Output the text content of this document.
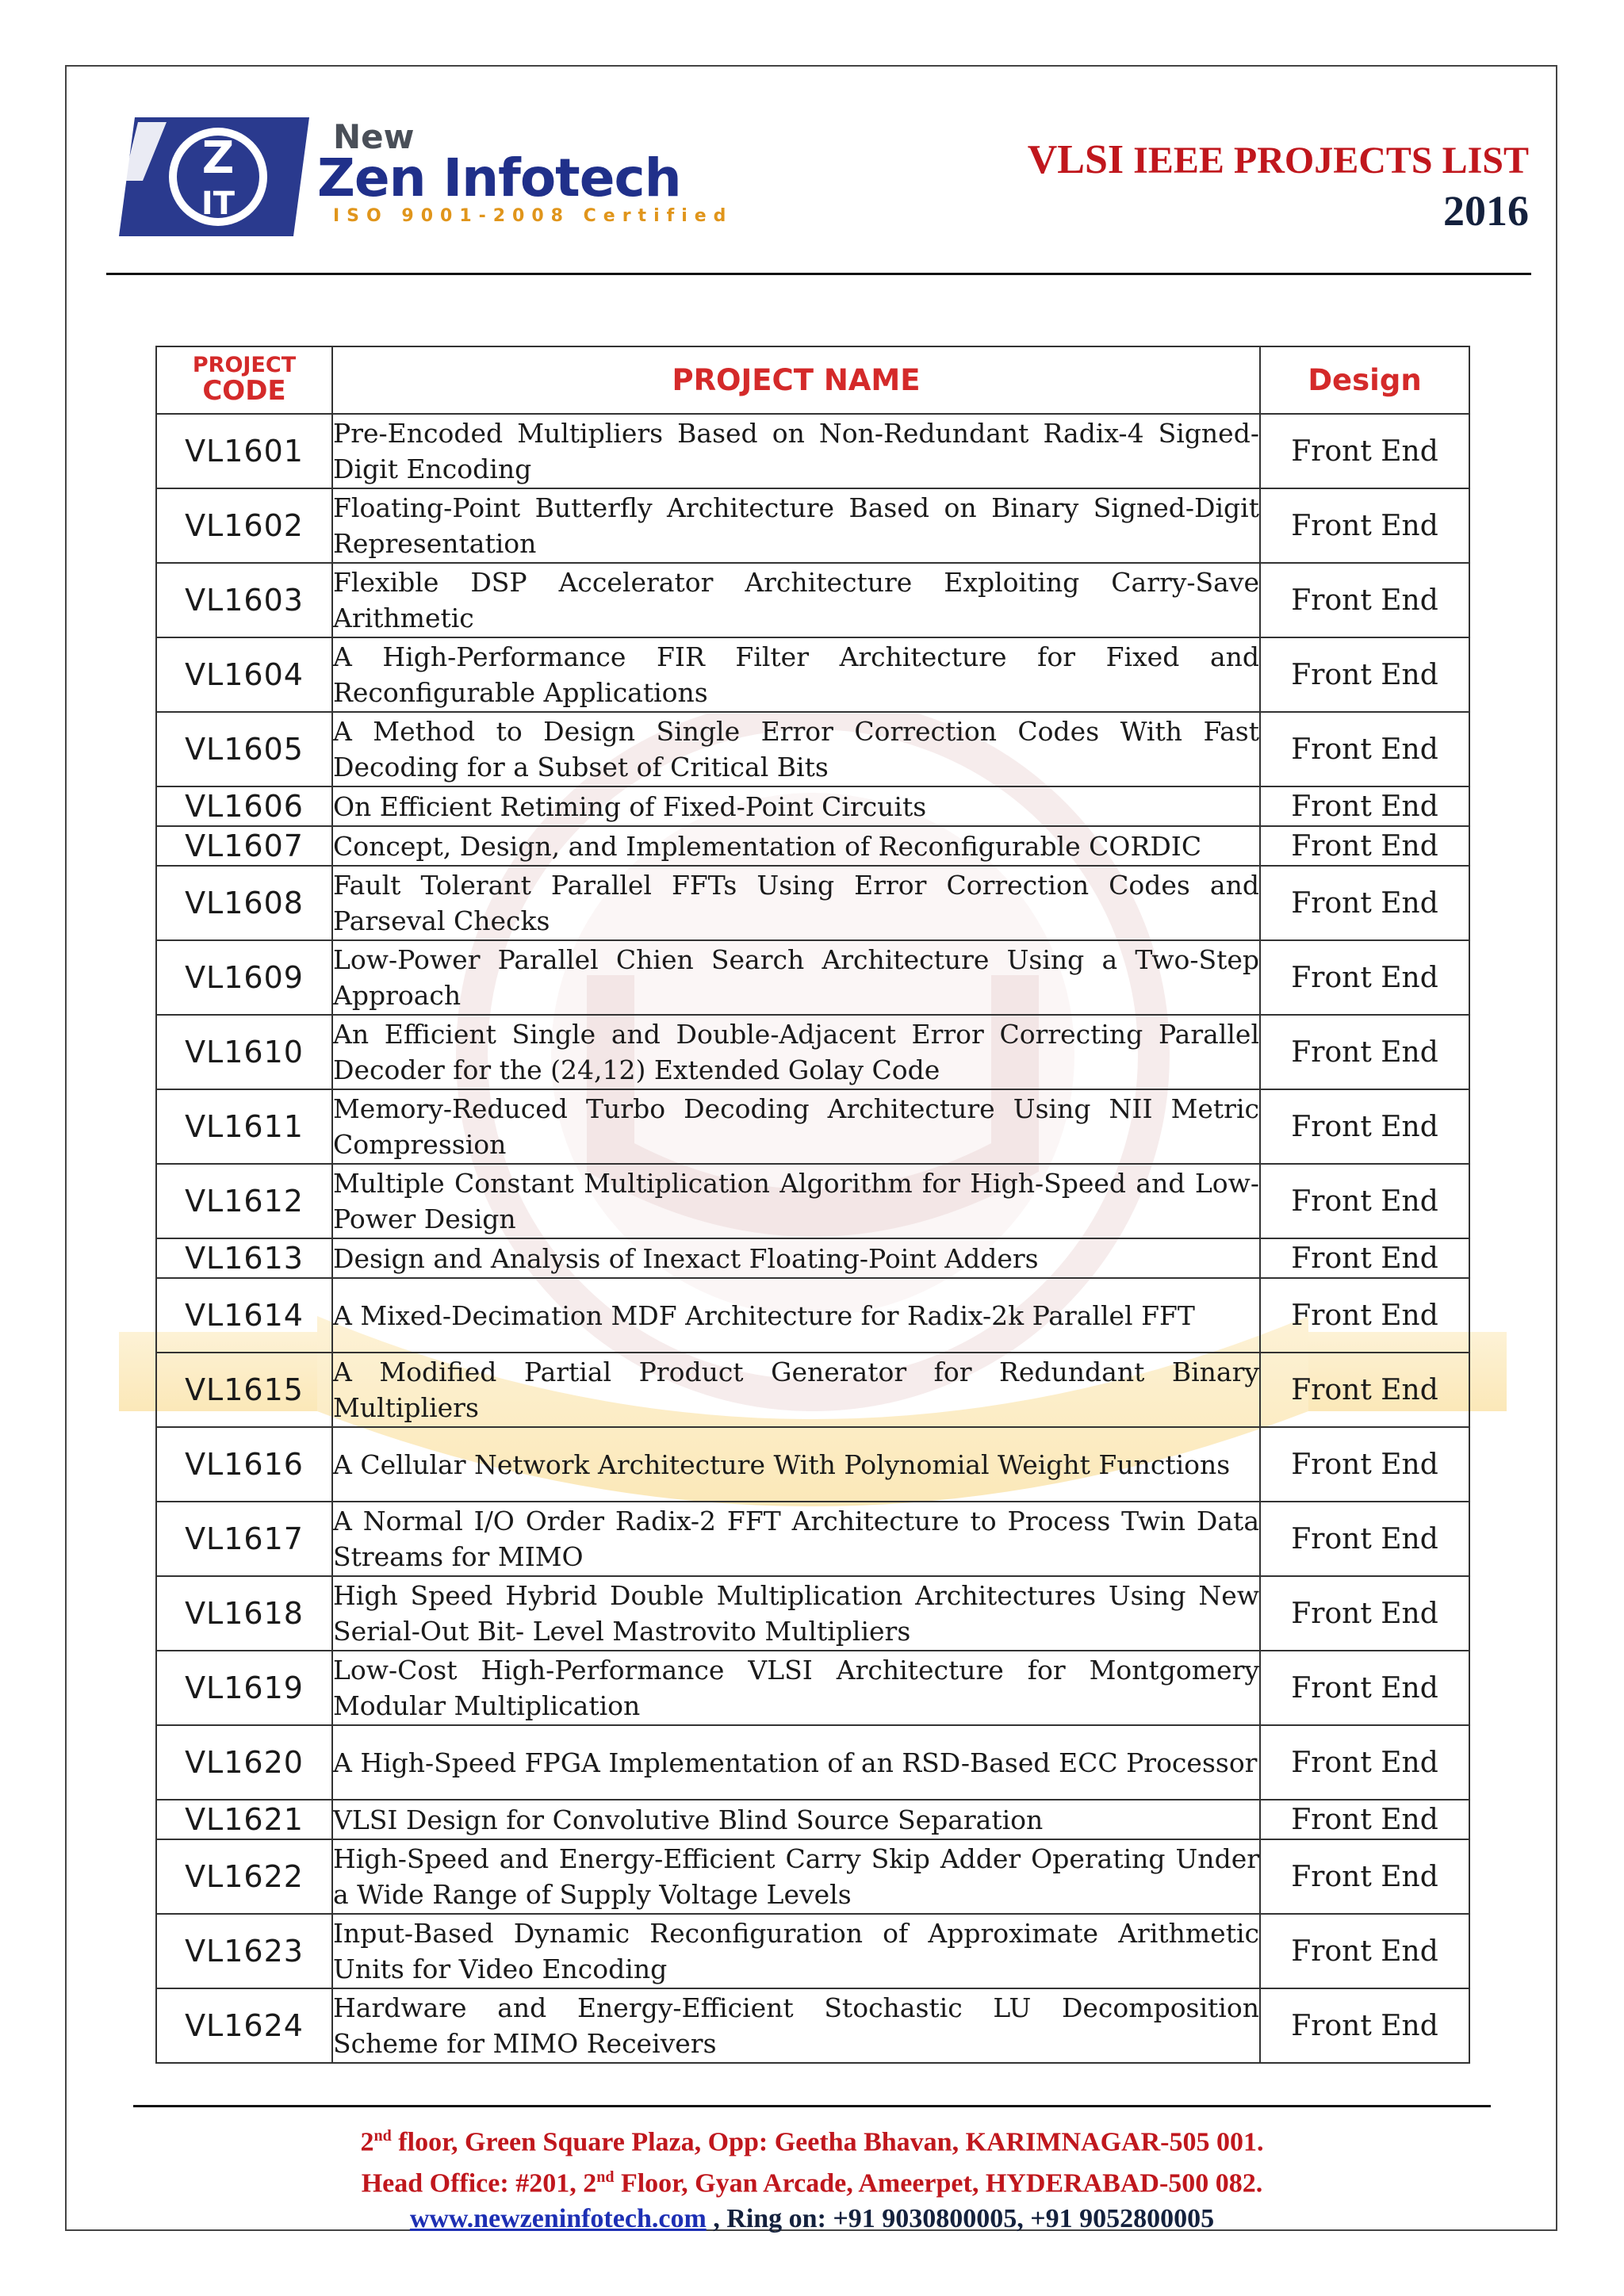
Z
IT
New
Zen Infotech
ISO 9001-2008 Certified
VLSI IEEE PROJECTS LIST
2016
PROJECT
CODE	PROJECT NAME	Design
VL1601	Pre-Encoded Multipliers Based on Non-Redundant Radix-4 Signed-Digit Encoding	Front End
VL1602	Floating-Point Butterfly Architecture Based on Binary Signed-Digit Representation	Front End
VL1603	Flexible DSP Accelerator Architecture Exploiting Carry-Save Arithmetic	Front End
VL1604	A High-Performance FIR Filter Architecture for Fixed and Reconfigurable Applications	Front End
VL1605	A Method to Design Single Error Correction Codes With Fast Decoding for a Subset of Critical Bits	Front End
VL1606	On Efficient Retiming of Fixed-Point Circuits	Front End
VL1607	Concept, Design, and Implementation of Reconfigurable CORDIC	Front End
VL1608	Fault Tolerant Parallel FFTs Using Error Correction Codes and Parseval Checks	Front End
VL1609	Low-Power Parallel Chien Search Architecture Using a Two-Step Approach	Front End
VL1610	An Efficient Single and Double-Adjacent Error Correcting Parallel Decoder for the (24,12) Extended Golay Code	Front End
VL1611	Memory-Reduced Turbo Decoding Architecture Using NII Metric Compression	Front End
VL1612	Multiple Constant Multiplication Algorithm for High-Speed and Low-Power Design	Front End
VL1613	Design and Analysis of Inexact Floating-Point Adders	Front End
VL1614	A Mixed-Decimation MDF Architecture for Radix-2k Parallel FFT	Front End
VL1615	A Modified Partial Product Generator for Redundant Binary Multipliers	Front End
VL1616	A Cellular Network Architecture With Polynomial Weight Functions	Front End
VL1617	A Normal I/O Order Radix-2 FFT Architecture to Process Twin Data Streams for MIMO	Front End
VL1618	High Speed Hybrid Double Multiplication Architectures Using New Serial-Out Bit- Level Mastrovito Multipliers	Front End
VL1619	Low-Cost High-Performance VLSI Architecture for Montgomery Modular Multiplication	Front End
VL1620	A High-Speed FPGA Implementation of an RSD-Based ECC Processor	Front End
VL1621	VLSI Design for Convolutive Blind Source Separation	Front End
VL1622	High-Speed and Energy-Efficient Carry Skip Adder Operating Under a Wide Range of Supply Voltage Levels	Front End
VL1623	Input-Based Dynamic Reconfiguration of Approximate Arithmetic Units for Video Encoding	Front End
VL1624	Hardware and Energy-Efficient Stochastic LU Decomposition Scheme for MIMO Receivers	Front End
2nd floor, Green Square Plaza, Opp: Geetha Bhavan, KARIMNAGAR-505 001.
Head Office: #201, 2nd Floor, Gyan Arcade, Ameerpet, HYDERABAD-500 082.
www.newzeninfotech.com , Ring on: +91 9030800005, +91 9052800005
